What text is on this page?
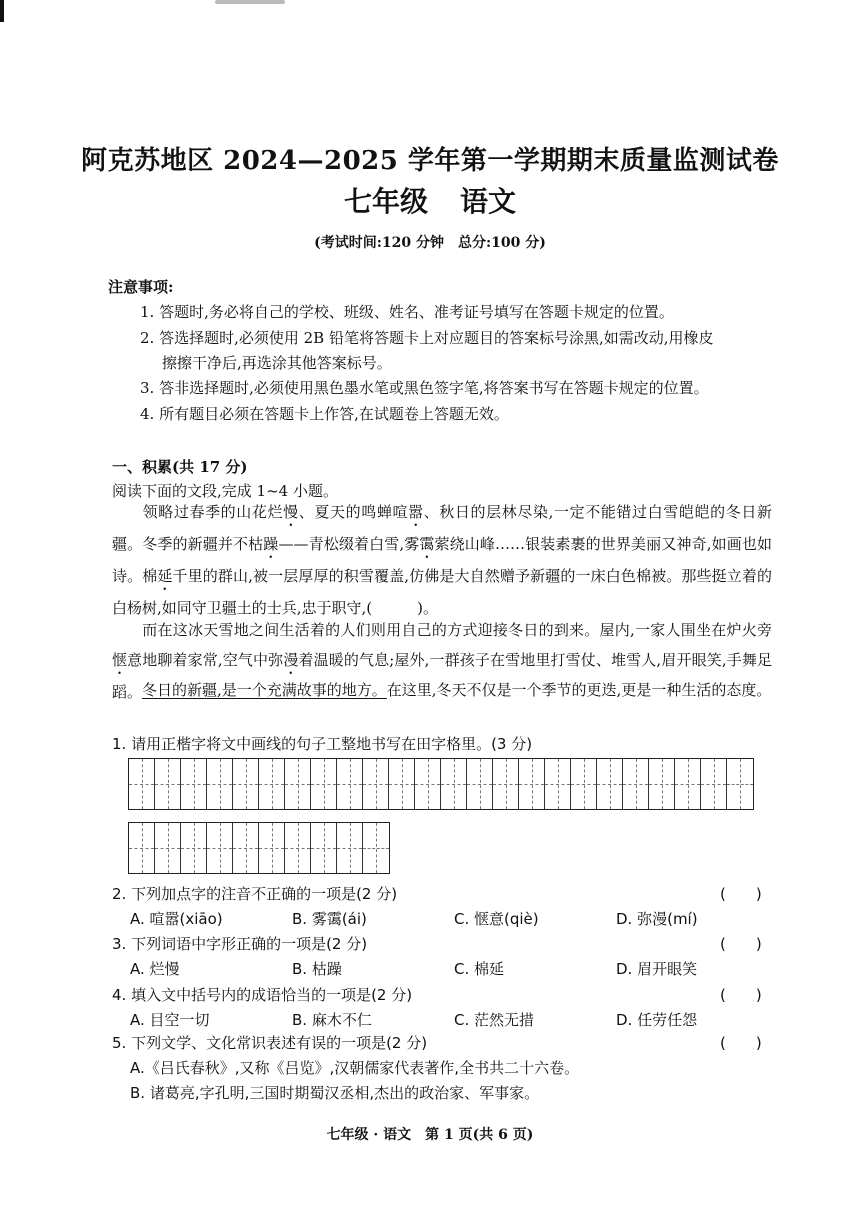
阿克苏地区 2024—2025 学年第一学期期末质量监测试卷
七年级 语文
(考试时间:120 分钟　总分:100 分)
注意事项:
1. 答题时,务必将自己的学校、班级、姓名、准考证号填写在答题卡规定的位置。
2. 答选择题时,必须使用 2B 铅笔将答题卡上对应题目的答案标号涂黑,如需改动,用橡皮
擦擦干净后,再选涂其他答案标号。
3. 答非选择题时,必须使用黑色墨水笔或黑色签字笔,将答案书写在答题卡规定的位置。
4. 所有题目必须在答题卡上作答,在试题卷上答题无效。
一、积累(共 17 分)
阅读下面的文段,完成 1~4 小题。
领略过春季的山花烂慢、夏天的鸣蝉喧嚣、秋日的层林尽染,一定不能错过白雪皑皑的冬日新疆。冬季的新疆并不枯躁——青松缀着白雪,雾霭萦绕山峰……银装素裹的世界美丽又神奇,如画也如诗。棉延千里的群山,被一层厚厚的积雪覆盖,仿佛是大自然赠予新疆的一床白色棉被。那些挺立着的白杨树,如同守卫疆土的士兵,忠于职守,(　　　)。
而在这冰天雪地之间生活着的人们则用自己的方式迎接冬日的到来。屋内,一家人围坐在炉火旁惬意地聊着家常,空气中弥漫着温暖的气息;屋外,一群孩子在雪地里打雪仗、堆雪人,眉开眼笑,手舞足蹈。 冬日的新疆,是一个充满故事的地方。在这里,冬天不仅是一个季节的更迭,更是一种生活的态度。
1. 请用正楷字将文中画线的句子工整地书写在田字格里。(3 分)
2. 下列加点字的注音不正确的一项是(2 分)	(　　)
A. 喧嚣(xiāo)	B. 雾霭(ái)	C. 惬意(qiè)	D. 弥漫(mí)
3. 下列词语中字形正确的一项是(2 分)	(　　)
A. 烂慢	B. 枯躁	C. 棉延	D. 眉开眼笑
4. 填入文中括号内的成语恰当的一项是(2 分)	(　　)
A. 目空一切	B. 麻木不仁	C. 茫然无措	D. 任劳任怨
5. 下列文学、文化常识表述有误的一项是(2 分)	(　　)
A.《吕氏春秋》,又称《吕览》,汉朝儒家代表著作,全书共二十六卷。
B. 诸葛亮,字孔明,三国时期蜀汉丞相,杰出的政治家、军事家。
七年级 · 语文　第 1 页(共 6 页)
